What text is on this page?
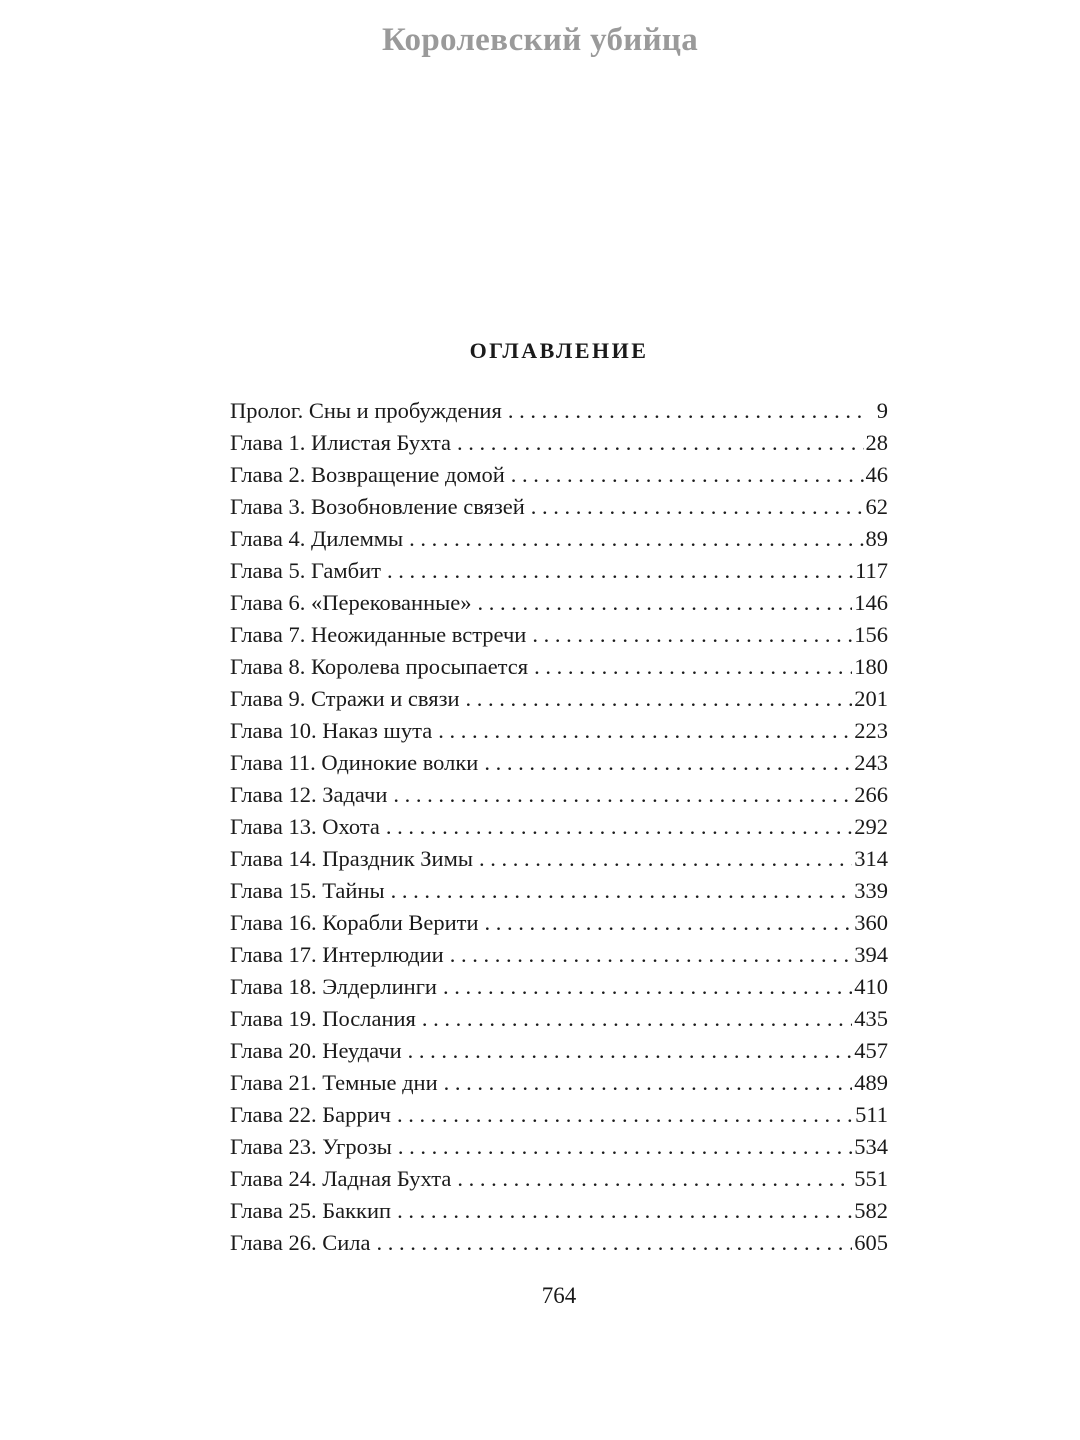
Королевский убийца
ОГЛАВЛЕНИЕ
Пролог. Сны и пробуждения . . .	9
Глава 1. Илистая Бухта . . .	28
Глава 2. Возвращение домой . . .	46
Глава 3. Возобновление связей . . .	62
Глава 4. Дилеммы . . .	89
Глава 5. Гамбит . . .	117
Глава 6. «Перекованные» . . .	146
Глава 7. Неожиданные встречи . . .	156
Глава 8. Королева просыпается . . .	180
Глава 9. Стражи и связи . . .	201
Глава 10. Наказ шута . . .	223
Глава 11. Одинокие волки . . .	243
Глава 12. Задачи . . .	266
Глава 13. Охота . . .	292
Глава 14. Праздник Зимы . . .	314
Глава 15. Тайны . . .	339
Глава 16. Корабли Верити . . .	360
Глава 17. Интерлюдии . . .	394
Глава 18. Элдерлинги . . .	410
Глава 19. Послания . . .	435
Глава 20. Неудачи . . .	457
Глава 21. Темные дни . . .	489
Глава 22. Баррич . . .	511
Глава 23. Угрозы . . .	534
Глава 24. Ладная Бухта . . .	551
Глава 25. Баккип . . .	582
Глава 26. Сила . . .	605
764
